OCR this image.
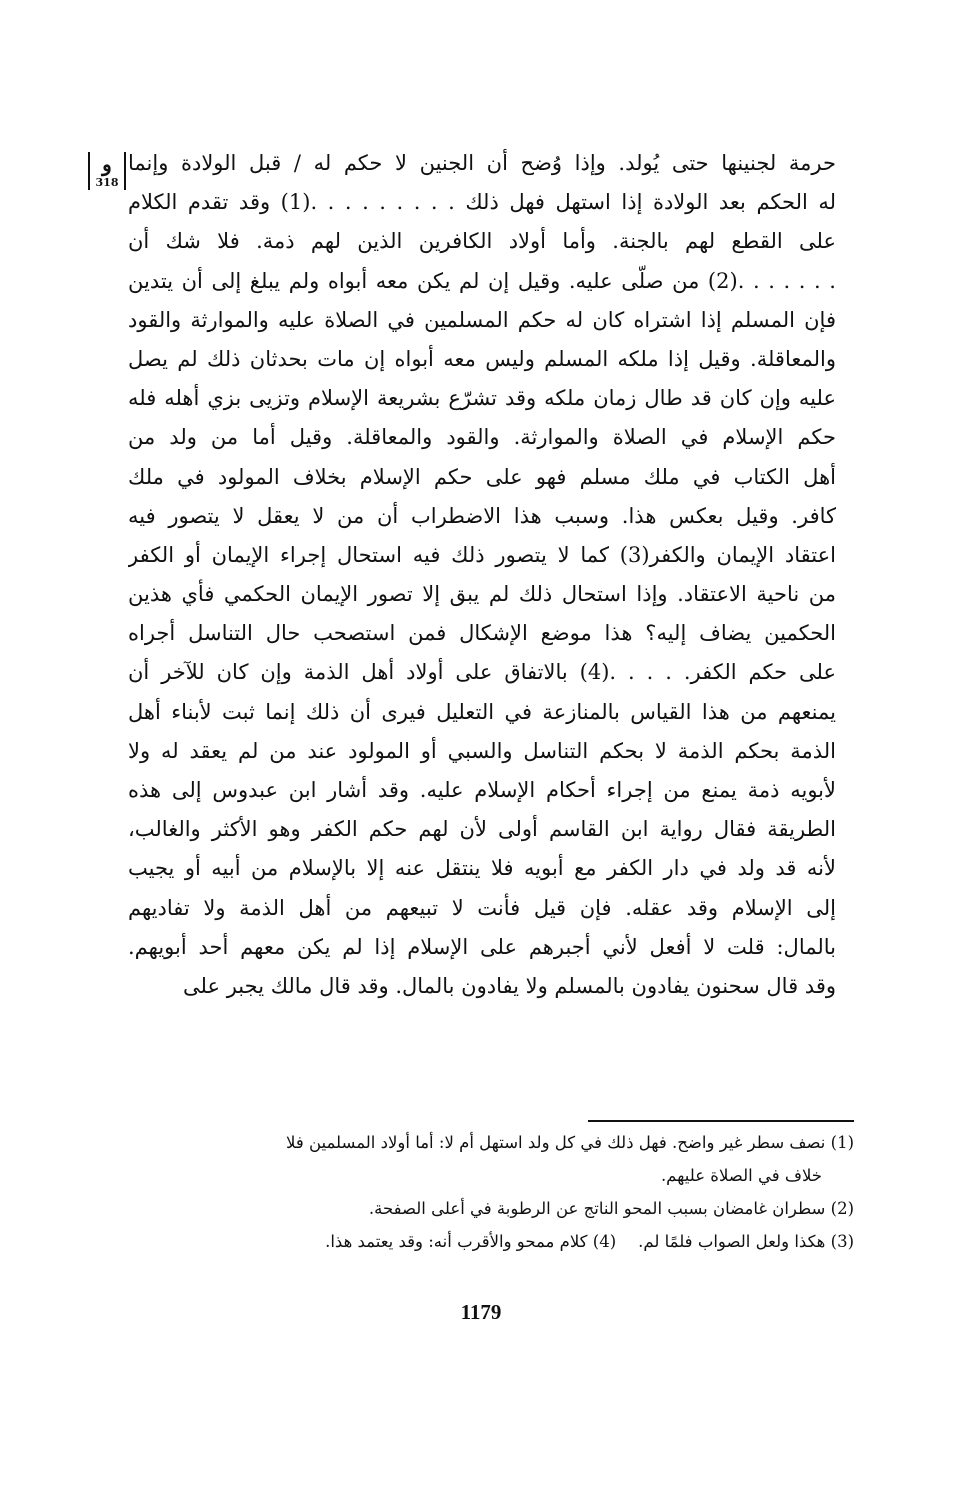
و
318
حرمة لجنينها حتى يُولد. وإذا وُضح أن الجنين لا حكم له / قبل الولادة وإنما
له الحكم بعد الولادة إذا استهل فهل ذلك . . . . . . . . .(1) وقد تقدم الكلام
على القطع لهم بالجنة. وأما أولاد الكافرين الذين لهم ذمة. فلا شك أن
. . . . . . .(2) من صلّى عليه. وقيل إن لم يكن معه أبواه ولم يبلغ إلى أن يتدين
فإن المسلم إذا اشتراه كان له حكم المسلمين في الصلاة عليه والموارثة والقود
والمعاقلة. وقيل إذا ملكه المسلم وليس معه أبواه إن مات بحدثان ذلك لم يصل
عليه وإن كان قد طال زمان ملكه وقد تشرّع بشريعة الإسلام وتزيى بزي أهله فله
حكم الإسلام في الصلاة والموارثة. والقود والمعاقلة. وقيل أما من ولد من
أهل الكتاب في ملك مسلم فهو على حكم الإسلام بخلاف المولود في ملك
كافر. وقيل بعكس هذا. وسبب هذا الاضطراب أن من لا يعقل لا يتصور فيه
اعتقاد الإيمان والكفر(3) كما لا يتصور ذلك فيه استحال إجراء الإيمان أو الكفر
من ناحية الاعتقاد. وإذا استحال ذلك لم يبق إلا تصور الإيمان الحكمي فأي هذين
الحكمين يضاف إليه؟ هذا موضع الإشكال فمن استصحب حال التناسل أجراه
على حكم الكفر. . . . .(4) بالاتفاق على أولاد أهل الذمة وإن كان للآخر أن
يمنعهم من هذا القياس بالمنازعة في التعليل فيرى أن ذلك إنما ثبت لأبناء أهل
الذمة بحكم الذمة لا بحكم التناسل والسبي أو المولود عند من لم يعقد له ولا
لأبويه ذمة يمنع من إجراء أحكام الإسلام عليه. وقد أشار ابن عبدوس إلى هذه
الطريقة فقال رواية ابن القاسم أولى لأن لهم حكم الكفر وهو الأكثر والغالب،
لأنه قد ولد في دار الكفر مع أبويه فلا ينتقل عنه إلا بالإسلام من أبيه أو يجيب
إلى الإسلام وقد عقله. فإن قيل فأنت لا تبيعهم من أهل الذمة ولا تفاديهم
بالمال: قلت لا أفعل لأني أجبرهم على الإسلام إذا لم يكن معهم أحد أبويهم.
وقد قال سحنون يفادون بالمسلم ولا يفادون بالمال. وقد قال مالك يجبر على
(1) نصف سطر غير واضح. فهل ذلك في كل ولد استهل أم لا: أما أولاد المسلمين فلا
خلاف في الصلاة عليهم.
(2) سطران غامضان بسبب المحو الناتج عن الرطوبة في أعلى الصفحة.
(3) هكذا ولعل الصواب فلمًا لم.(4) كلام ممحو والأقرب أنه: وقد يعتمد هذا.
1179
